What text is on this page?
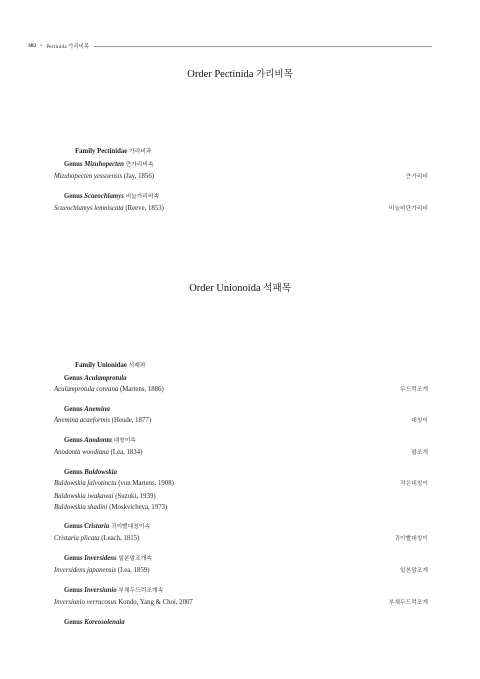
302 • Pectinida 가리비목
Order Pectinida 가리비목
Family Pectinidae 가리비과
Genus Mizuhopecten 큰가리비속
Mizuhopecten yessoensis (Jay, 1856)	큰가리비
Genus Scaeochlamys 비늘가리비속
Scaeochlamys lemniscata (Reeve, 1853)	비늘비단가리비
Order Unionoida 석패목
Family Unionidae 석패과
Genus Aculamprotula
Aculamprotula coreana (Martens, 1886)	두드럭조개
Genus Anemina
Anemina acaeformis (Heude, 1877)	대칭이
Genus Anodonta 대칭이속
Anodonta woodiana (Lea, 1834)	펄조개
Genus Buldowskia
Buldowskia falvotinctu (von Martens, 1908)	작은대칭이
Buldowskia iwakawai (Suzuki, 1939)
Buldowskia shadini (Moskvicheva, 1973)
Genus Cristaria 귀이빨대칭이속
Cristaria plicata (Leach, 1815)	귀이빨대칭이
Genus Inversidens 일본말조개속
Inversidens japanensis (Lea, 1859)	일본말조개
Genus Inversiunio 부채두드럭조개속
Inversiunio verrucosus Kondo, Yang & Choi, 2007	부채두드럭조개
Genus Koreosolenaia
